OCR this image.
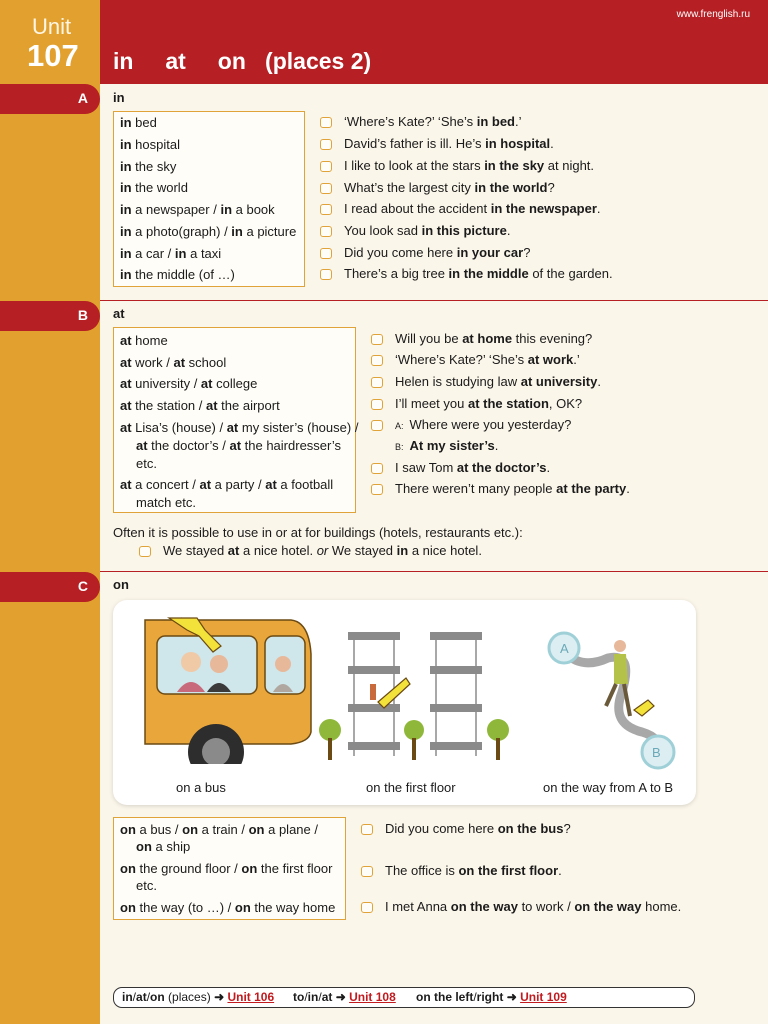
Unit
107
www.frenglish.ru
in     at     on   (places 2)
A in
in bed
in hospital
in the sky
in the world
in a newspaper / in a book
in a photo(graph) / in a picture
in a car / in a taxi
in the middle (of …)
‘Where’s Kate?’ ‘She’s in bed.’
David’s father is ill. He’s in hospital.
I like to look at the stars in the sky at night.
What’s the largest city in the world?
I read about the accident in the newspaper.
You look sad in this picture.
Did you come here in your car?
There’s a big tree in the middle of the garden.
B at
at home
at work / at school
at university / at college
at the station / at the airport
at Lisa’s (house) / at my sister’s (house) /
at the doctor’s / at the hairdresser’s
etc.
at a concert / at a party / at a football
match etc.
Will you be at home this evening?
‘Where’s Kate?’ ‘She’s at work.’
Helen is studying law at university.
I’ll meet you at the station, OK?
A: Where were you yesterday?
B: At my sister’s.
I saw Tom at the doctor’s.
There weren’t many people at the party.
Often it is possible to use in or at for buildings (hotels, restaurants etc.):
We stayed at a nice hotel. or We stayed in a nice hotel.
C on
A
B
on a bus	on the first floor	on the way from A to B
on a bus / on a train / on a plane /
on a ship
on the ground floor / on the first floor
etc.
on the way (to …) / on the way home
Did you come here on the bus?
The office is on the first floor.
I met Anna on the way to work / on the way home.
in/at/on (places) ➜ Unit 106 to/in/at ➜ Unit 108 on the left/right ➜ Unit 109
